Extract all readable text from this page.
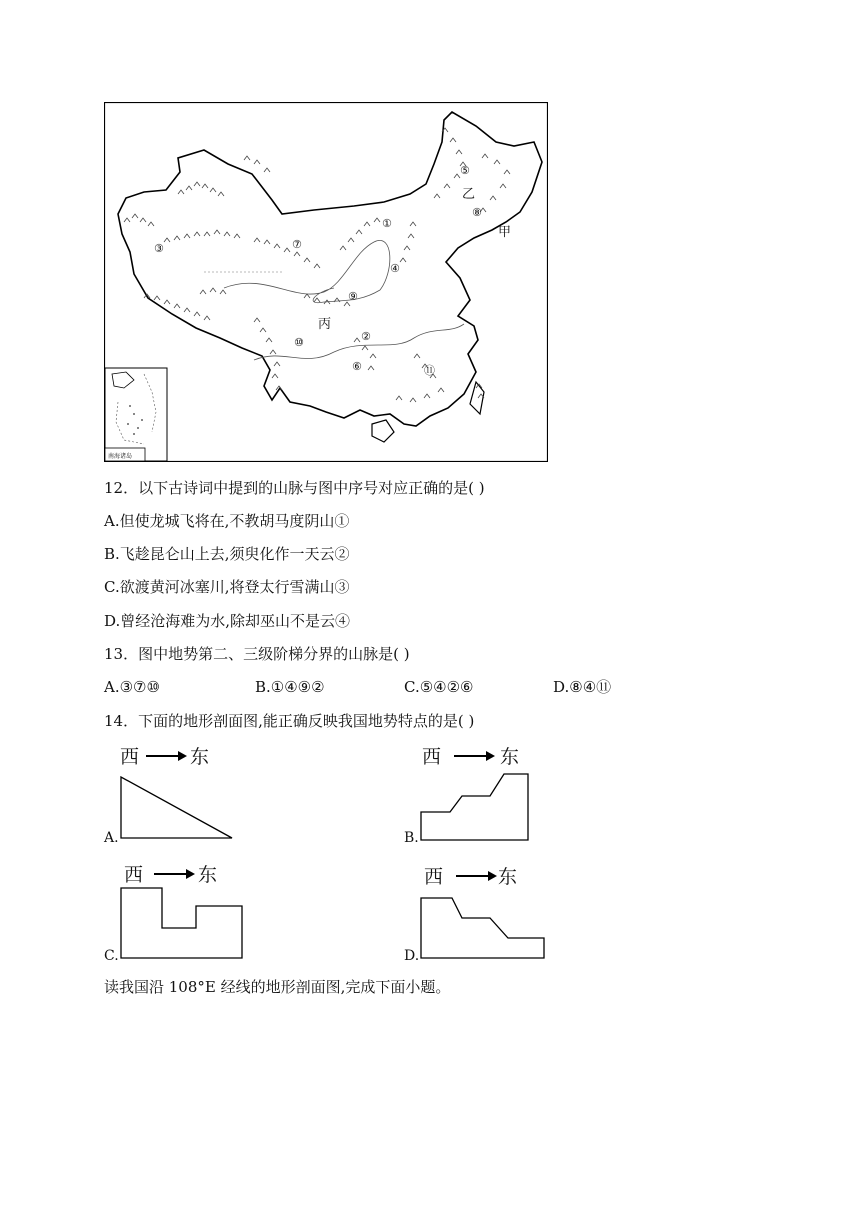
①
②
③
④
⑤
⑥
⑦
⑧
⑨
⑩
⑪
乙
甲
丙
南海诸岛
12．以下古诗词中提到的山脉与图中序号对应正确的是( )
A.但使龙城飞将在,不教胡马度阴山①
B.飞趁昆仑山上去,须臾化作一天云②
C.欲渡黄河冰塞川,将登太行雪满山③
D.曾经沧海难为水,除却巫山不是云④
13．图中地势第二、三级阶梯分界的山脉是( )
A.③⑦⑩	B.①④⑨②	C.⑤④②⑥	D.⑧④⑪
14．下面的地形剖面图,能正确反映我国地势特点的是( )
西	东
A.
西	东
B.
西	东
C.
西	东
D.
读我国沿 108°E 经线的地形剖面图,完成下面小题。
